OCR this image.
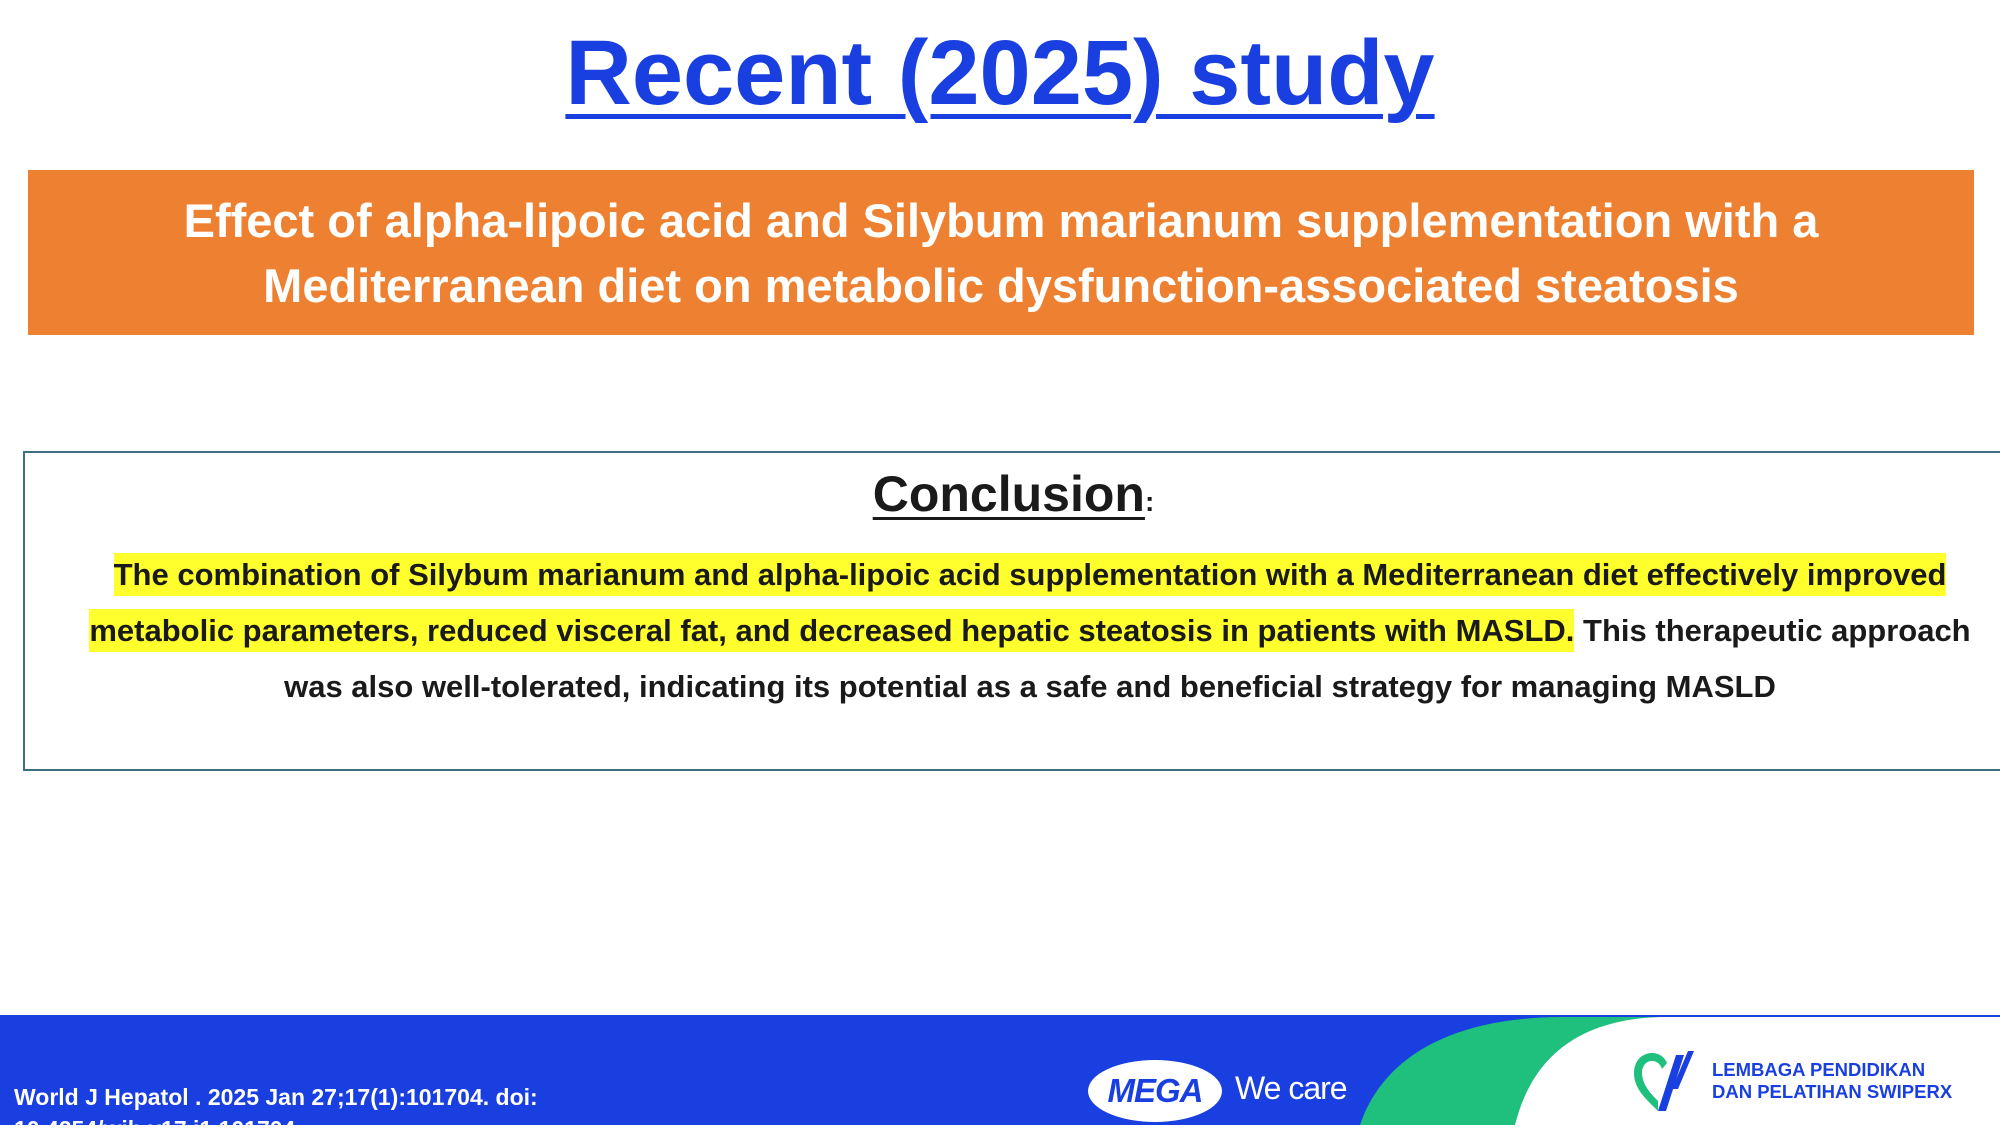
Recent (2025) study
Effect of alpha-lipoic acid and Silybum marianum supplementation with a Mediterranean diet on metabolic dysfunction-associated steatosis
Conclusion:
The combination of Silybum marianum and alpha-lipoic acid supplementation with a Mediterranean diet effectively improved metabolic parameters, reduced visceral fat, and decreased hepatic steatosis in patients with MASLD. This therapeutic approach was also well-tolerated, indicating its potential as a safe and beneficial strategy for managing MASLD
World J Hepatol . 2025 Jan 27;17(1):101704. doi: 10.4254/wjh.v17.i1.101704
MEGA We care
LEMBAGA PENDIDIKAN
DAN PELATIHAN SWIPERX
